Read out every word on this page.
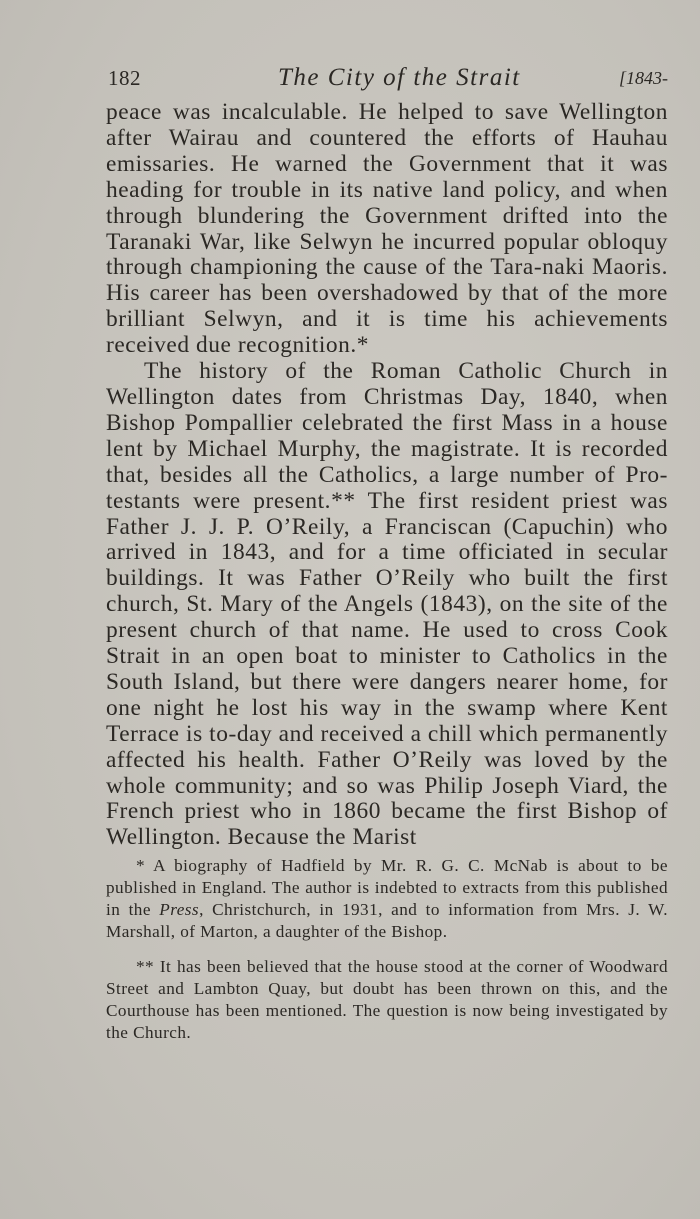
182	The City of the Strait	[1843-

peace was incalculable. He helped to save Wellington after Wairau and countered the efforts of Hauhau emissaries. He warned the Government that it was heading for trouble in its native land policy, and when through blundering the Government drifted into the Taranaki War, like Selwyn he incurred popular obloquy through championing the cause of the Tara-naki Maoris. His career has been overshadowed by that of the more brilliant Selwyn, and it is time his achievements received due recognition.*

The history of the Roman Catholic Church in Wellington dates from Christmas Day, 1840, when Bishop Pompallier celebrated the first Mass in a house lent by Michael Murphy, the magistrate. It is recorded that, besides all the Catholics, a large number of Pro-testants were present.** The first resident priest was Father J. J. P. O’Reily, a Franciscan (Capuchin) who arrived in 1843, and for a time officiated in secular buildings. It was Father O’Reily who built the first church, St. Mary of the Angels (1843), on the site of the present church of that name. He used to cross Cook Strait in an open boat to minister to Catholics in the South Island, but there were dangers nearer home, for one night he lost his way in the swamp where Kent Terrace is to-day and received a chill which permanently affected his health. Father O’Reily was loved by the whole community; and so was Philip Joseph Viard, the French priest who in 1860 became the first Bishop of Wellington. Because the Marist

* A biography of Hadfield by Mr. R. G. C. McNab is about to be published in England. The author is indebted to extracts from this published in the Press, Christchurch, in 1931, and to information from Mrs. J. W. Marshall, of Marton, a daughter of the Bishop.

** It has been believed that the house stood at the corner of Woodward Street and Lambton Quay, but doubt has been thrown on this, and the Courthouse has been mentioned. The question is now being investigated by the Church.
